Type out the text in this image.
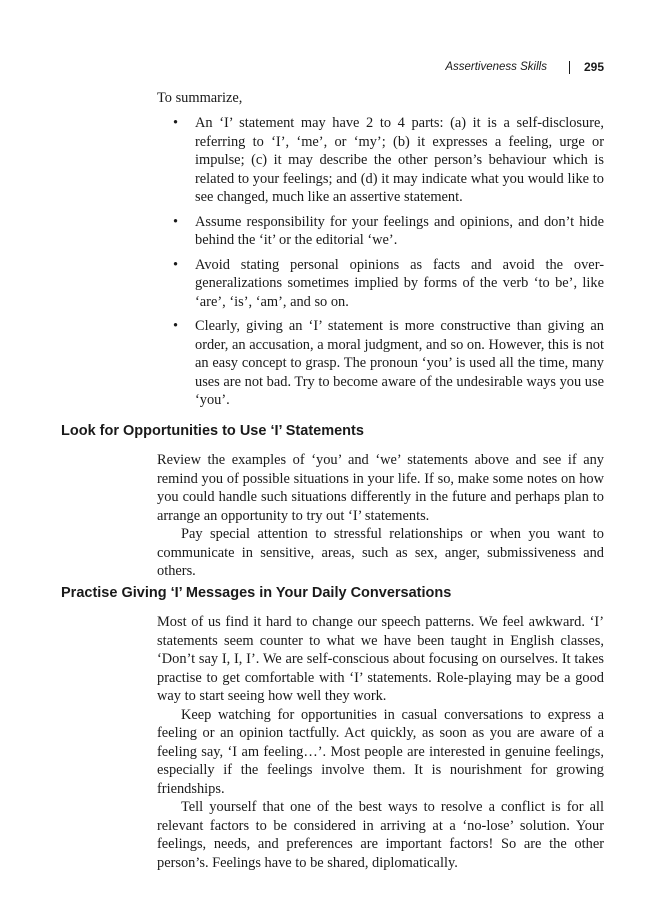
Assertiveness Skills	295

To summarize,

• An ‘I’ statement may have 2 to 4 parts: (a) it is a self-disclosure, referring to ‘I’, ‘me’, or ‘my’; (b) it expresses a feeling, urge or impulse; (c) it may describe the other person’s behaviour which is related to your feelings; and (d) it may indicate what you would like to see changed, much like an assertive statement.
• Assume responsibility for your feelings and opinions, and don’t hide behind the ‘it’ or the editorial ‘we’.
• Avoid stating personal opinions as facts and avoid the over-generalizations sometimes implied by forms of the verb ‘to be’, like ‘are’, ‘is’, ‘am’, and so on.
• Clearly, giving an ‘I’ statement is more constructive than giving an order, an accusation, a moral judgment, and so on. However, this is not an easy concept to grasp. The pronoun ‘you’ is used all the time, many uses are not bad. Try to become aware of the undesirable ways you use ‘you’.
Look for Opportunities to Use ‘I’ Statements

Review the examples of ‘you’ and ‘we’ statements above and see if any remind you of possible situations in your life. If so, make some notes on how you could handle such situations differently in the future and perhaps plan to arrange an opportunity to try out ‘I’ statements.

Pay special attention to stressful relationships or when you want to communicate in sensitive, areas, such as sex, anger, submissiveness and others.

Practise Giving ‘I’ Messages in Your Daily Conversations

Most of us find it hard to change our speech patterns. We feel awkward. ‘I’ statements seem counter to what we have been taught in English classes, ‘Don’t say I, I, I’. We are self-conscious about focusing on ourselves. It takes practise to get comfortable with ‘I’ statements. Role-playing may be a good way to start seeing how well they work.

Keep watching for opportunities in casual conversations to express a feeling or an opinion tactfully. Act quickly, as soon as you are aware of a feeling say, ‘I am feeling…’. Most people are interested in genuine feelings, especially if the feelings involve them. It is nourishment for growing friendships.

Tell yourself that one of the best ways to resolve a conflict is for all relevant factors to be considered in arriving at a ‘no-lose’ solution. Your feelings, needs, and preferences are important factors! So are the other person’s. Feelings have to be shared, diplomatically.
